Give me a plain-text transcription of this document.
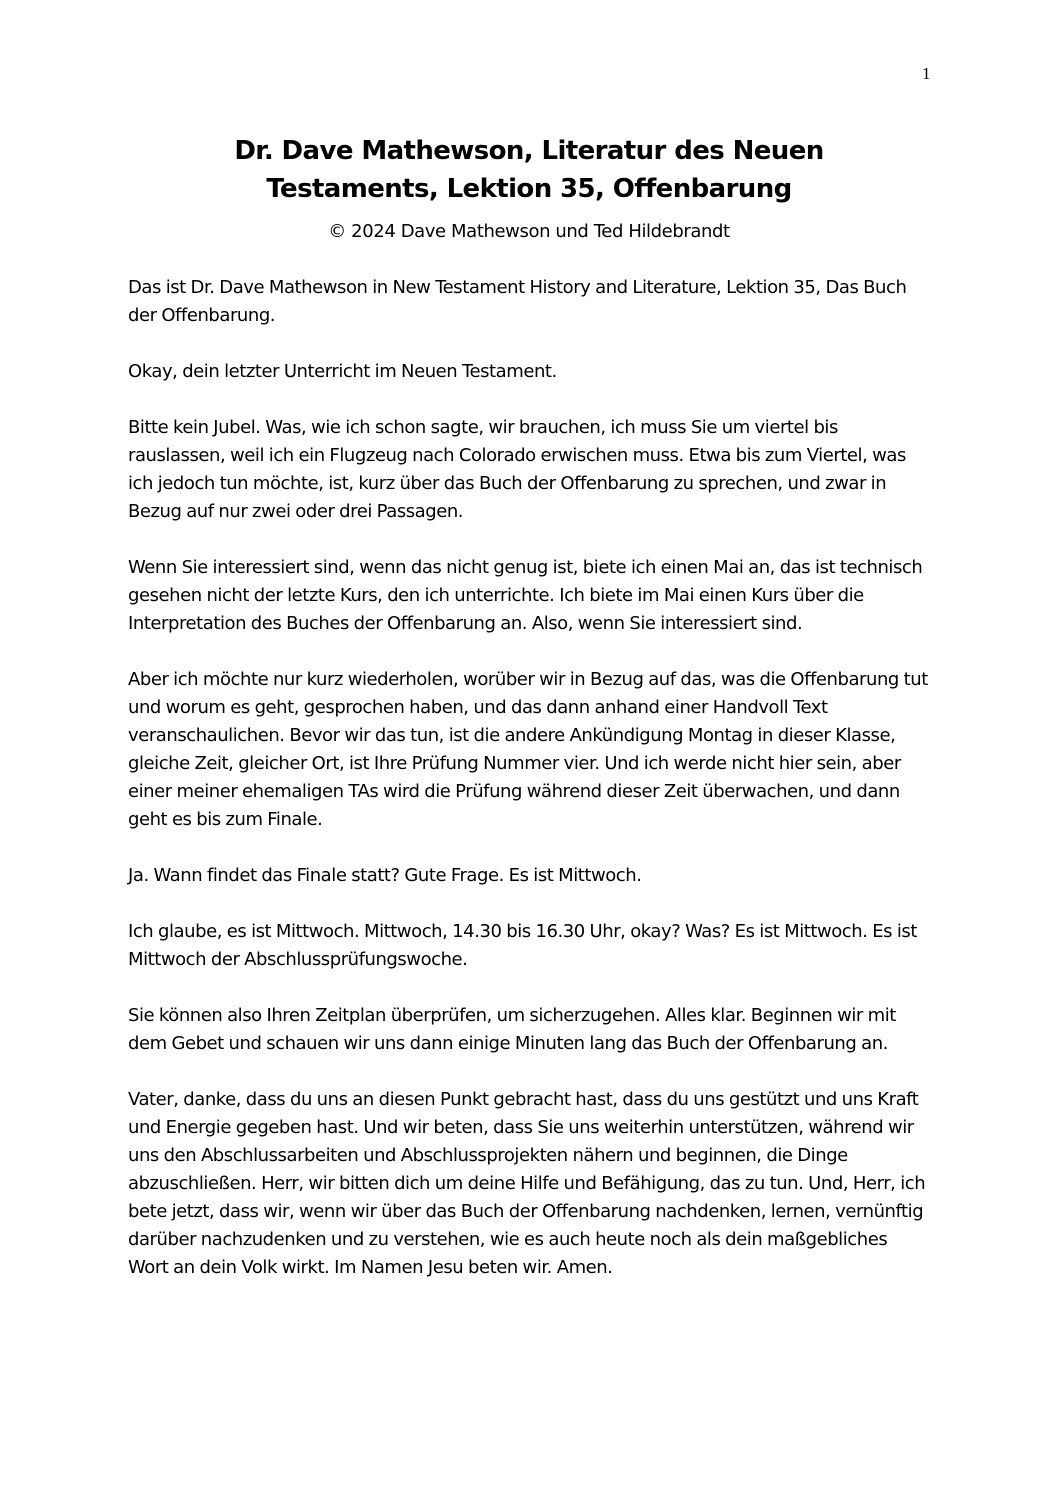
1
Dr. Dave Mathewson, Literatur des Neuen
Testaments, Lektion 35, Offenbarung
© 2024 Dave Mathewson und Ted Hildebrandt

Das ist Dr. Dave Mathewson in New Testament History and Literature, Lektion 35, Das Buch der Offenbarung.

Okay, dein letzter Unterricht im Neuen Testament.

Bitte kein Jubel. Was, wie ich schon sagte, wir brauchen, ich muss Sie um viertel bis rauslassen, weil ich ein Flugzeug nach Colorado erwischen muss. Etwa bis zum Viertel, was ich jedoch tun möchte, ist, kurz über das Buch der Offenbarung zu sprechen, und zwar in Bezug auf nur zwei oder drei Passagen.

Wenn Sie interessiert sind, wenn das nicht genug ist, biete ich einen Mai an, das ist technisch gesehen nicht der letzte Kurs, den ich unterrichte. Ich biete im Mai einen Kurs über die Interpretation des Buches der Offenbarung an. Also, wenn Sie interessiert sind.

Aber ich möchte nur kurz wiederholen, worüber wir in Bezug auf das, was die Offenbarung tut und worum es geht, gesprochen haben, und das dann anhand einer Handvoll Text veranschaulichen. Bevor wir das tun, ist die andere Ankündigung Montag in dieser Klasse, gleiche Zeit, gleicher Ort, ist Ihre Prüfung Nummer vier. Und ich werde nicht hier sein, aber einer meiner ehemaligen TAs wird die Prüfung während dieser Zeit überwachen, und dann geht es bis zum Finale.

Ja. Wann findet das Finale statt? Gute Frage. Es ist Mittwoch.

Ich glaube, es ist Mittwoch. Mittwoch, 14.30 bis 16.30 Uhr, okay? Was? Es ist Mittwoch. Es ist Mittwoch der Abschlussprüfungswoche.

Sie können also Ihren Zeitplan überprüfen, um sicherzugehen. Alles klar. Beginnen wir mit dem Gebet und schauen wir uns dann einige Minuten lang das Buch der Offenbarung an.

Vater, danke, dass du uns an diesen Punkt gebracht hast, dass du uns gestützt und uns Kraft und Energie gegeben hast. Und wir beten, dass Sie uns weiterhin unterstützen, während wir uns den Abschlussarbeiten und Abschlussprojekten nähern und beginnen, die Dinge abzuschließen. Herr, wir bitten dich um deine Hilfe und Befähigung, das zu tun. Und, Herr, ich bete jetzt, dass wir, wenn wir über das Buch der Offenbarung nachdenken, lernen, vernünftig darüber nachzudenken und zu verstehen, wie es auch heute noch als dein maßgebliches Wort an dein Volk wirkt. Im Namen Jesu beten wir. Amen.
